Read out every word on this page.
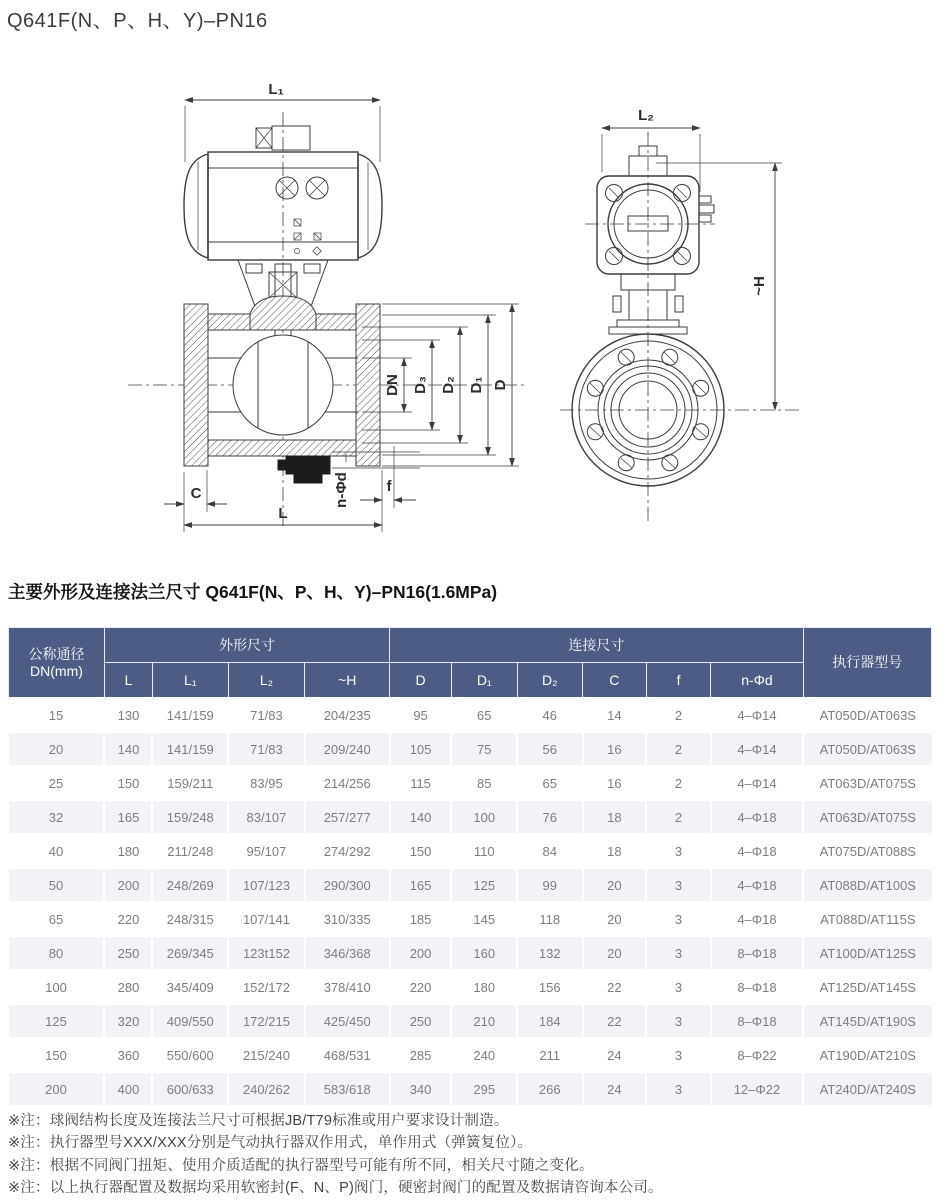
Q641F(N、P、H、Y)–PN16
L₁
DN D₃ D₂ D₁ D
C	f
n-Φd
L
L₂
~H
主要外形及连接法兰尺寸 Q641F(N、P、H、Y)–PN16(1.6MPa)
公称通径
DN(mm)	外形尺寸				连接尺寸						执行器型号
	L	L₁	L₂	~H	D	D₁	D₂	C	f	n-Φd	
15	130	141/159	71/83	204/235	95	65	46	14	2	4–Φ14	AT050D/AT063S
20	140	141/159	71/83	209/240	105	75	56	16	2	4–Φ14	AT050D/AT063S
25	150	159/211	83/95	214/256	115	85	65	16	2	4–Φ14	AT063D/AT075S
32	165	159/248	83/107	257/277	140	100	76	18	2	4–Φ18	AT063D/AT075S
40	180	211/248	95/107	274/292	150	110	84	18	3	4–Φ18	AT075D/AT088S
50	200	248/269	107/123	290/300	165	125	99	20	3	4–Φ18	AT088D/AT100S
65	220	248/315	107/141	310/335	185	145	118	20	3	4–Φ18	AT088D/AT115S
80	250	269/345	123t152	346/368	200	160	132	20	3	8–Φ18	AT100D/AT125S
100	280	345/409	152/172	378/410	220	180	156	22	3	8–Φ18	AT125D/AT145S
125	320	409/550	172/215	425/450	250	210	184	22	3	8–Φ18	AT145D/AT190S
150	360	550/600	215/240	468/531	285	240	211	24	3	8–Φ22	AT190D/AT210S
200	400	600/633	240/262	583/618	340	295	266	24	3	12–Φ22	AT240D/AT240S
※注：球阀结构长度及连接法兰尺寸可根据JB/T79标准或用户要求设计制造。
※注：执行器型号XXX/XXX分别是气动执行器双作用式，单作用式（弹簧复位）。
※注：根据不同阀门扭矩、使用介质适配的执行器型号可能有所不同，相关尺寸随之变化。
※注：以上执行器配置及数据均采用软密封(F、N、P)阀门，硬密封阀门的配置及数据请咨询本公司。
